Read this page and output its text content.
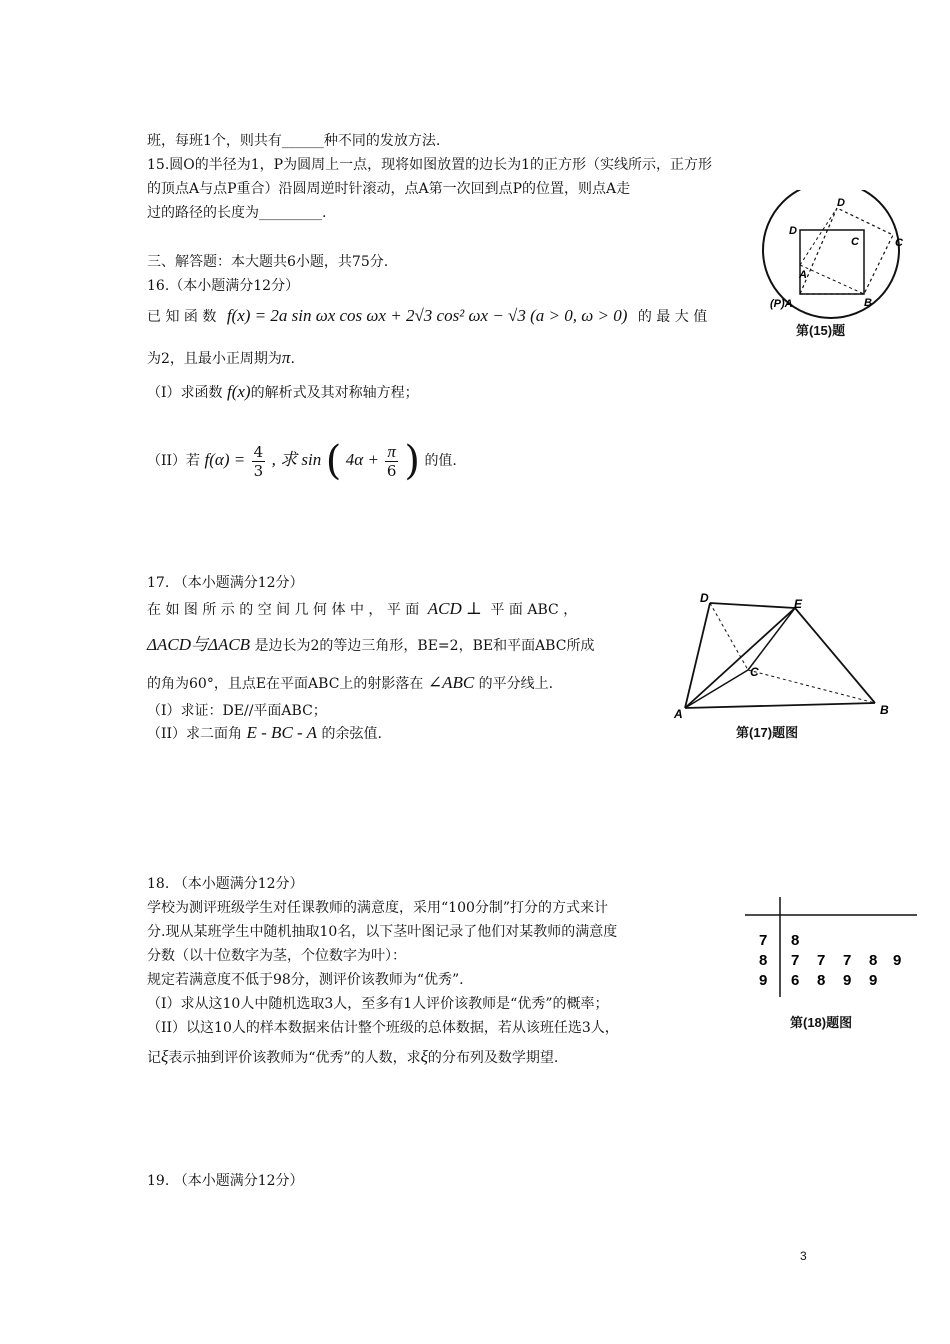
班，每班1个，则共有______种不同的发放方法.
15.圆O的半径为1，P为圆周上一点，现将如图放置的边长为1的正方形（实线所示，正方形
的顶点A与点P重合）沿圆周逆时针滚动，点A第一次回到点P的位置，则点A走
过的路径的长度为_________.
D
C
A
B
(P)A
C
D
第(15)题
三、解答题：本大题共6小题，共75分.
16.（本小题满分12分）
已 知 函 数 f(x) = 2a sin ωx cos ωx + 2√3 cos² ωx − √3 (a > 0, ω > 0) 的 最 大 值
为2，且最小正周期为π.
（I）求函数 f(x)的解析式及其对称轴方程；
（II）若 $f(\alpha) = \frac{4}{3}$ , 求 sin ( $4\alpha + \frac{\pi}{6}$ ) 的值.
17. （本小题满分12分）
在 如 图 所 示 的 空 间 几 何 体 中 ， 平 面 ACD ⊥ 平 面 ABC ，
ΔACD与ΔACB 是边长为2的等边三角形，BE=2，BE和平面ABC所成
的角为60°，且点E在平面ABC上的射影落在 ∠ABC 的平分线上.
（I）求证：DE//平面ABC；
（II）求二面角 E - BC - A 的余弦值.
D	E
C
A	B
第(17)题图
18. （本小题满分12分）
学校为测评班级学生对任课教师的满意度，采用“100分制”打分的方式来计
分.现从某班学生中随机抽取10名，以下茎叶图记录了他们对某教师的满意度
分数（以十位数字为茎，个位数字为叶）：
规定若满意度不低于98分，测评价该教师为“优秀”.
（I）求从这10人中随机选取3人，至多有1人评价该教师是“优秀”的概率；
（II）以这10人的样本数据来估计整个班级的总体数据，若从该班任选3人，
记ξ表示抽到评价该教师为“优秀”的人数，求ξ的分布列及数学期望.
7
8
9
8
7 7 7 8 9
6 8 9 9
第(18)题图
19. （本小题满分12分）
3
